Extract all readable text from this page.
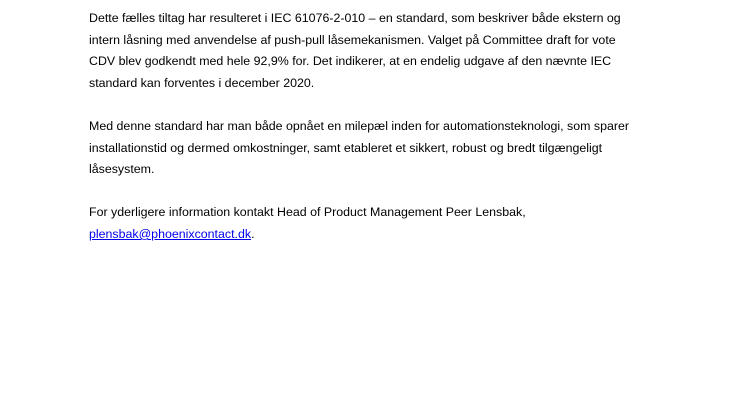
Dette fælles tiltag har resulteret i IEC 61076-2-010 – en standard, som beskriver både ekstern og
intern låsning med anvendelse af push-pull låsemekanismen. Valget på Committee draft for vote
CDV blev godkendt med hele 92,9% for. Det indikerer, at en endelig udgave af den nævnte IEC
standard kan forventes i december 2020.

Med denne standard har man både opnået en milepæl inden for automationsteknologi, som sparer
installationstid og dermed omkostninger, samt etableret et sikkert, robust og bredt tilgængeligt
låsesystem.

For yderligere information kontakt Head of Product Management Peer Lensbak,
plensbak@phoenixcontact.dk.
